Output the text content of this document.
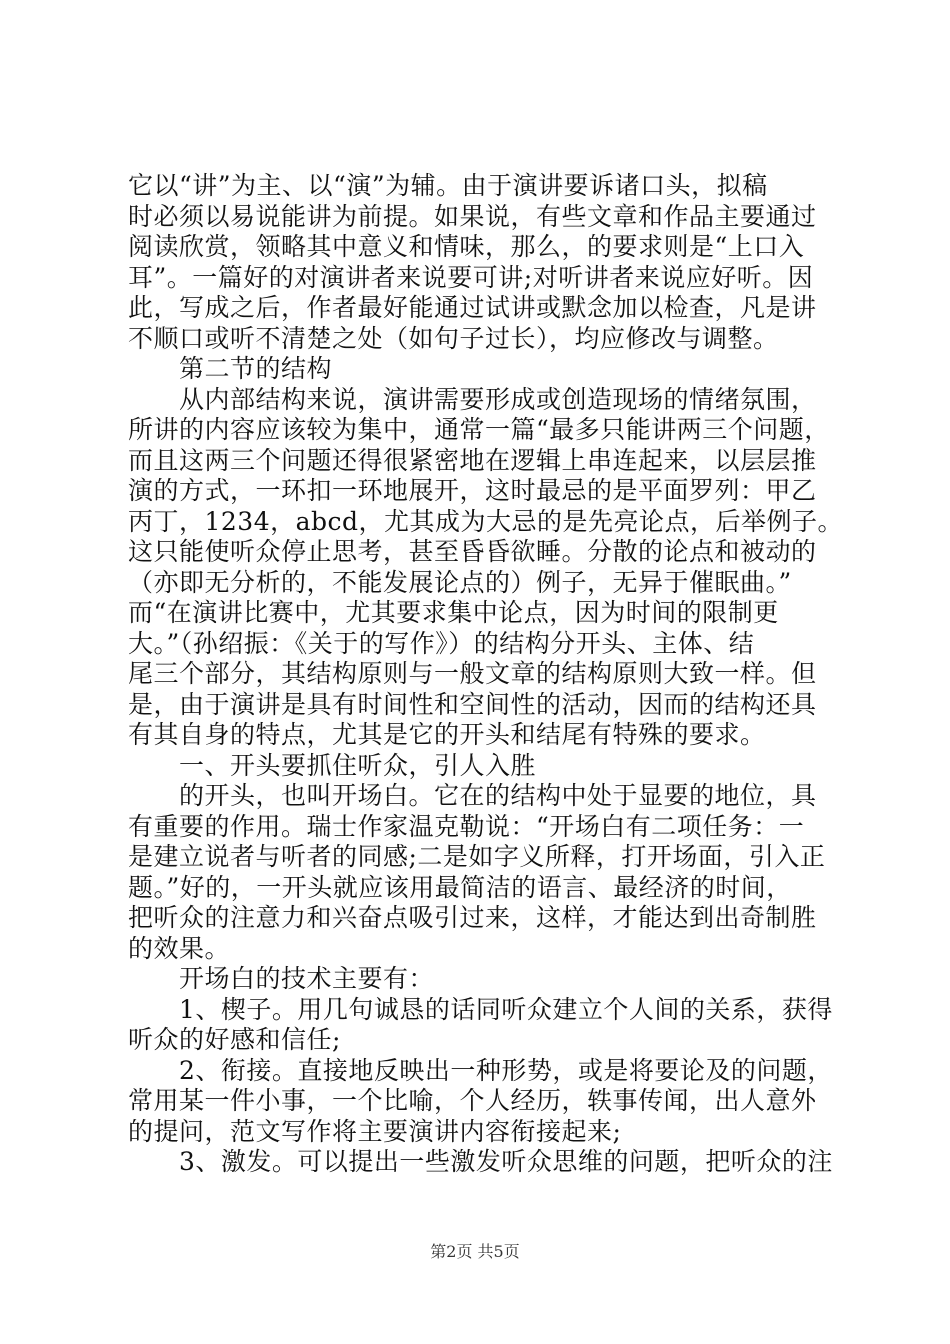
它以“讲”为主、以“演”为辅。由于演讲要诉诸口头，拟稿
时必须以易说能讲为前提。如果说，有些文章和作品主要通过
阅读欣赏，领略其中意义和情味，那么，的要求则是“上口入
耳”。一篇好的对演讲者来说要可讲;对听讲者来说应好听。因
此，写成之后，作者最好能通过试讲或默念加以检查，凡是讲
不顺口或听不清楚之处（如句子过长），均应修改与调整。
　　第二节的结构
　　从内部结构来说，演讲需要形成或创造现场的情绪氛围，
所讲的内容应该较为集中，通常一篇“最多只能讲两三个问题，
而且这两三个问题还得很紧密地在逻辑上串连起来，以层层推
演的方式，一环扣一环地展开，这时最忌的是平面罗列：甲乙
丙丁，1234，abcd，尤其成为大忌的是先亮论点，后举例子。
这只能使听众停止思考，甚至昏昏欲睡。分散的论点和被动的
（亦即无分析的，不能发展论点的）例子，无异于催眠曲。”
而“在演讲比赛中，尤其要求集中论点，因为时间的限制更
大。”（孙绍振：《关于的写作》）的结构分开头、主体、结
尾三个部分，其结构原则与一般文章的结构原则大致一样。但
是，由于演讲是具有时间性和空间性的活动，因而的结构还具
有其自身的特点，尤其是它的开头和结尾有特殊的要求。
　　一、开头要抓住听众，引人入胜
　　的开头，也叫开场白。它在的结构中处于显要的地位，具
有重要的作用。瑞士作家温克勒说：“开场白有二项任务：一
是建立说者与听者的同感;二是如字义所释，打开场面，引入正
题。”好的，一开头就应该用最简洁的语言、最经济的时间，
把听众的注意力和兴奋点吸引过来，这样，才能达到出奇制胜
的效果。
　　开场白的技术主要有：
　　1、楔子。用几句诚恳的话同听众建立个人间的关系，获得
听众的好感和信任;
　　2、衔接。直接地反映出一种形势，或是将要论及的问题，
常用某一件小事，一个比喻，个人经历，轶事传闻，出人意外
的提问，范文写作将主要演讲内容衔接起来;
　　3、激发。可以提出一些激发听众思维的问题，把听众的注
第2页 共5页
